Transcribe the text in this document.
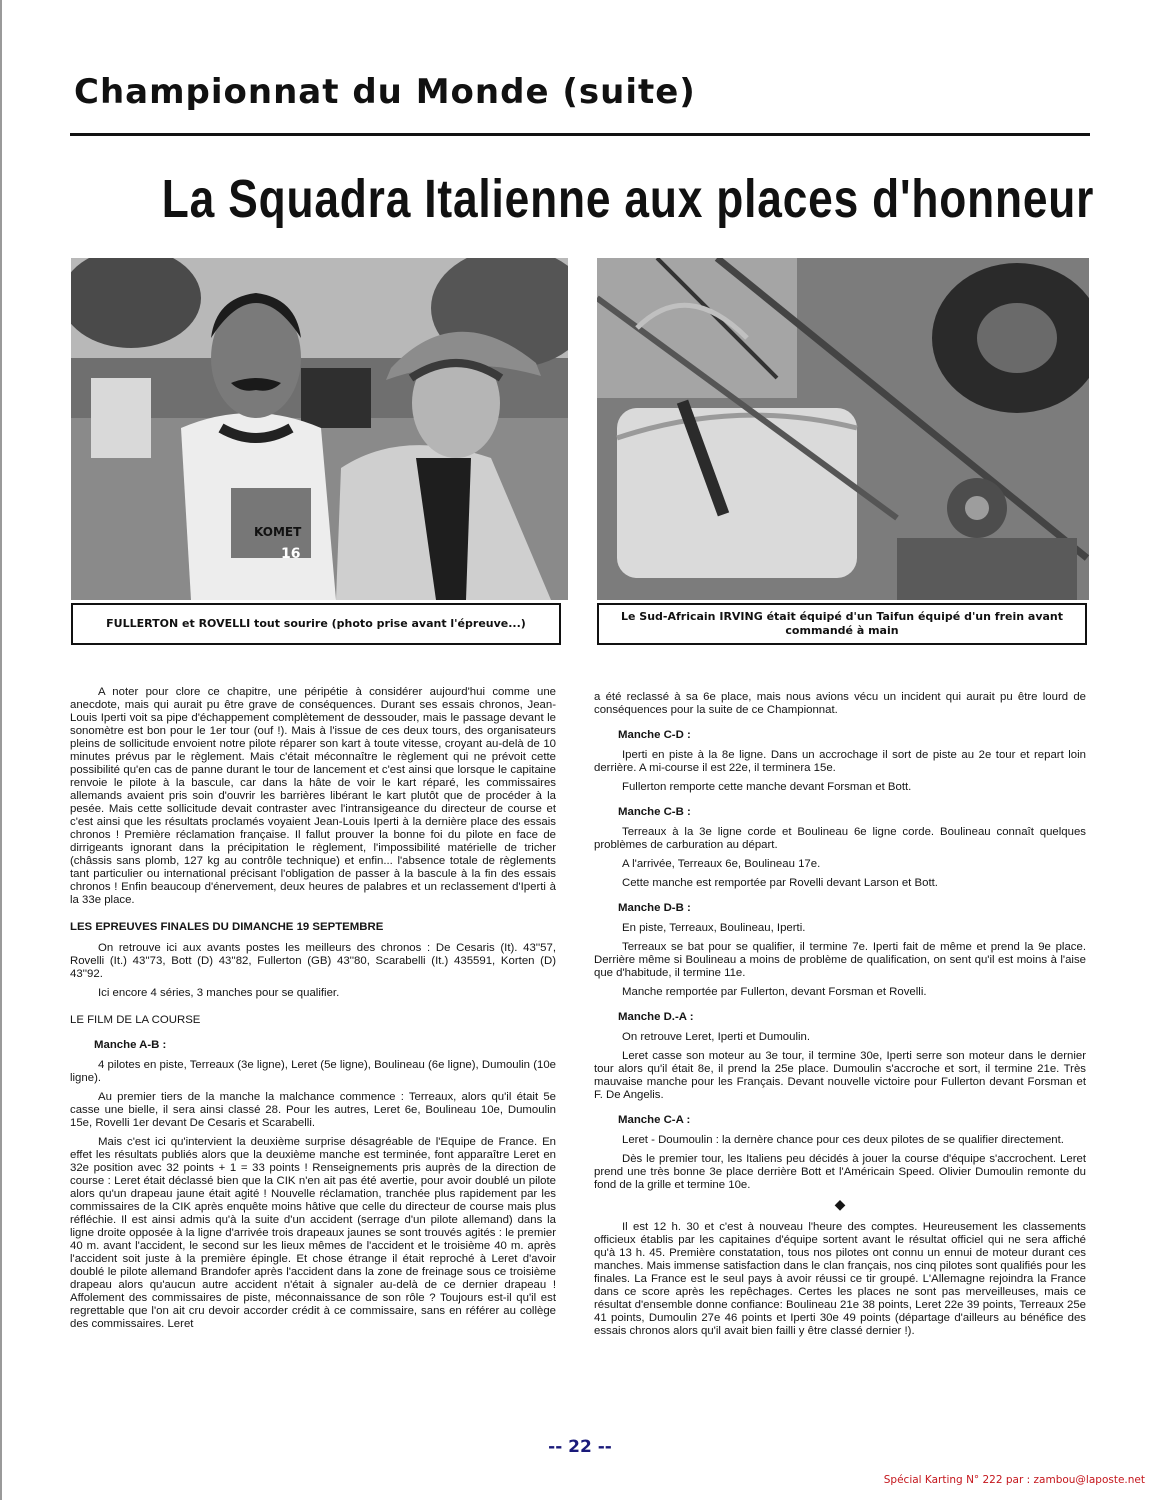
Championnat du Monde (suite)
La Squadra Italienne aux places d'honneur
KOMET
16
FULLERTON et ROVELLI tout sourire (photo prise avant l'épreuve...)
Le Sud-Africain IRVING était équipé d'un Taifun équipé d'un frein avant commandé à main

A noter pour clore ce chapitre, une péripétie à considérer aujourd'hui comme une anecdote, mais qui aurait pu être grave de conséquences. Durant ses essais chronos, Jean-Louis Iperti voit sa pipe d'échappement complètement de dessouder, mais le passage devant le sonomètre est bon pour le 1er tour (ouf !). Mais à l'issue de ces deux tours, des organisateurs pleins de sollicitude envoient notre pilote réparer son kart à toute vitesse, croyant au-delà de 10 minutes prévus par le règlement. Mais c'était méconnaître le règlement qui ne prévoit cette possibilité qu'en cas de panne durant le tour de lancement et c'est ainsi que lorsque le capitaine renvoie le pilote à la bascule, car dans la hâte de voir le kart réparé, les commissaires allemands avaient pris soin d'ouvrir les barrières libérant le kart plutôt que de procéder à la pesée. Mais cette sollicitude devait contraster avec l'intransigeance du directeur de course et c'est ainsi que les résultats proclamés voyaient Jean-Louis Iperti à la dernière place des essais chronos ! Première réclamation française. Il fallut prouver la bonne foi du pilote en face de dirrigeants ignorant dans la précipitation le règlement, l'impossibilité matérielle de tricher (châssis sans plomb, 127 kg au contrôle technique) et enfin... l'absence totale de règlements tant particulier ou international précisant l'obligation de passer à la bascule à la fin des essais chronos ! Enfin beaucoup d'énervement, deux heures de palabres et un reclassement d'Iperti à la 33e place.

LES EPREUVES FINALES DU DIMANCHE 19 SEPTEMBRE

On retrouve ici aux avants postes les meilleurs des chronos : De Cesaris (It). 43''57, Rovelli (It.) 43''73, Bott (D) 43''82, Fullerton (GB) 43''80, Scarabelli (It.) 435591, Korten (D) 43''92.

Ici encore 4 séries, 3 manches pour se qualifier.

LE FILM DE LA COURSE
Manche A-B :

4 pilotes en piste, Terreaux (3e ligne), Leret (5e ligne), Boulineau (6e ligne), Dumoulin (10e ligne).

Au premier tiers de la manche la malchance commence : Terreaux, alors qu'il était 5e casse une bielle, il sera ainsi classé 28. Pour les autres, Leret 6e, Boulineau 10e, Dumoulin 15e, Rovelli 1er devant De Cesaris et Scarabelli.

Mais c'est ici qu'intervient la deuxième surprise désagréable de l'Equipe de France. En effet les résultats publiés alors que la deuxième manche est terminée, font apparaître Leret en 32e position avec 32 points + 1 = 33 points ! Renseignements pris auprès de la direction de course : Leret était déclassé bien que la CIK n'en ait pas été avertie, pour avoir doublé un pilote alors qu'un drapeau jaune était agité ! Nouvelle réclamation, tranchée plus rapidement par les commissaires de la CIK après enquête moins hâtive que celle du directeur de course mais plus réfléchie. Il est ainsi admis qu'à la suite d'un accident (serrage d'un pilote allemand) dans la ligne droite opposée à la ligne d'arrivée trois drapeaux jaunes se sont trouvés agités : le premier 40 m. avant l'accident, le second sur les lieux mêmes de l'accident et le troisième 40 m. après l'accident soit juste à la première épingle. Et chose étrange il était reproché à Leret d'avoir doublé le pilote allemand Brandofer après l'accident dans la zone de freinage sous ce troisième drapeau alors qu'aucun autre accident n'était à signaler au-delà de ce dernier drapeau ! Affolement des commissaires de piste, méconnaissance de son rôle ? Toujours est-il qu'il est regrettable que l'on ait cru devoir accorder crédit à ce commissaire, sans en référer au collège des commissaires. Leret

a été reclassé à sa 6e place, mais nous avions vécu un incident qui aurait pu être lourd de conséquences pour la suite de ce Championnat.

Manche C-D :

Iperti en piste à la 8e ligne. Dans un accrochage il sort de piste au 2e tour et repart loin derrière. A mi-course il est 22e, il terminera 15e.

Fullerton remporte cette manche devant Forsman et Bott.

Manche C-B :

Terreaux à la 3e ligne corde et Boulineau 6e ligne corde. Boulineau connaît quelques problèmes de carburation au départ.

A l'arrivée, Terreaux 6e, Boulineau 17e.

Cette manche est remportée par Rovelli devant Larson et Bott.

Manche D-B :

En piste, Terreaux, Boulineau, Iperti.

Terreaux se bat pour se qualifier, il termine 7e. Iperti fait de même et prend la 9e place. Derrière même si Boulineau a moins de problème de qualification, on sent qu'il est moins à l'aise que d'habitude, il termine 11e.

Manche remportée par Fullerton, devant Forsman et Rovelli.

Manche D.-A :

On retrouve Leret, Iperti et Dumoulin.

Leret casse son moteur au 3e tour, il termine 30e, Iperti serre son moteur dans le dernier tour alors qu'il était 8e, il prend la 25e place. Dumoulin s'accroche et sort, il termine 21e. Très mauvaise manche pour les Français. Devant nouvelle victoire pour Fullerton devant Forsman et F. De Angelis.

Manche C-A :

Leret - Doumoulin : la dernère chance pour ces deux pilotes de se qualifier directement.

Dès le premier tour, les Italiens peu décidés à jouer la course d'équipe s'accrochent. Leret prend une très bonne 3e place derrière Bott et l'Américain Speed. Olivier Dumoulin remonte du fond de la grille et termine 10e.

◆

Il est 12 h. 30 et c'est à nouveau l'heure des comptes. Heureusement les classements officieux établis par les capitaines d'équipe sortent avant le résultat officiel qui ne sera affiché qu'à 13 h. 45. Première constatation, tous nos pilotes ont connu un ennui de moteur durant ces manches. Mais immense satisfaction dans le clan français, nos cinq pilotes sont qualifiés pour les finales. La France est le seul pays à avoir réussi ce tir groupé. L'Allemagne rejoindra la France dans ce score après les repêchages. Certes les places ne sont pas merveilleuses, mais ce résultat d'ensemble donne confiance: Boulineau 21e 38 points, Leret 22e 39 points, Terreaux 25e 41 points, Dumoulin 27e 46 points et Iperti 30e 49 points (départage d'ailleurs au bénéfice des essais chronos alors qu'il avait bien failli y être classé dernier !).

-- 22 --
Spécial Karting N° 222 par : zambou@laposte.net
